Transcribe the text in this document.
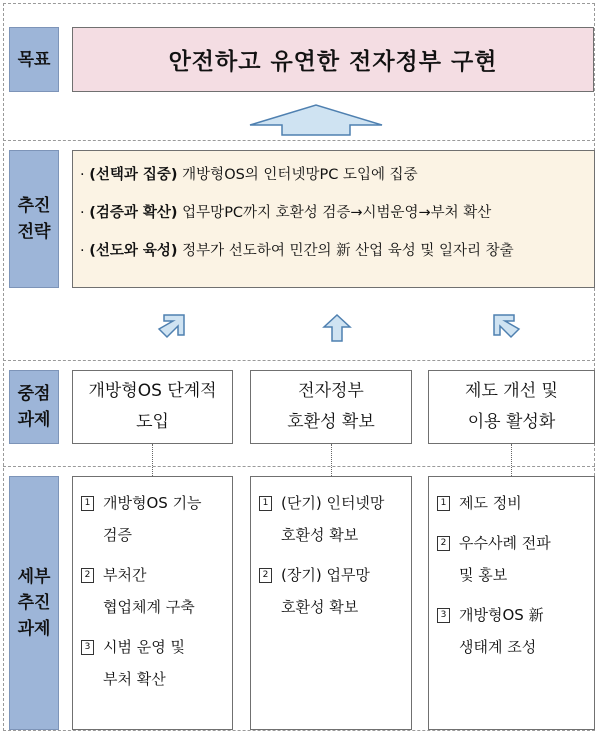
목표
추진
전략
중점
과제
세부
추진
과제
안전하고 유연한 전자정부 구현
· (선택과 집중) 개방형OS의 인터넷망PC 도입에 집중
· (검증과 확산) 업무망PC까지 호환성 검증→시범운영→부처 확산
· (선도와 육성) 정부가 선도하여 민간의 新 산업 육성 및 일자리 창출
개방형OS 단계적
도입
전자정부
호환성 확보
제도 개선 및
이용 활성화
1 개방형OS 기능
검증
2 부처간
협업체계 구축
3 시범 운영 및
부처 확산
1 (단기) 인터넷망
호환성 확보
2 (장기) 업무망
호환성 확보
1 제도 정비
2 우수사례 전파
및 홍보
3 개방형OS 新
생태계 조성
